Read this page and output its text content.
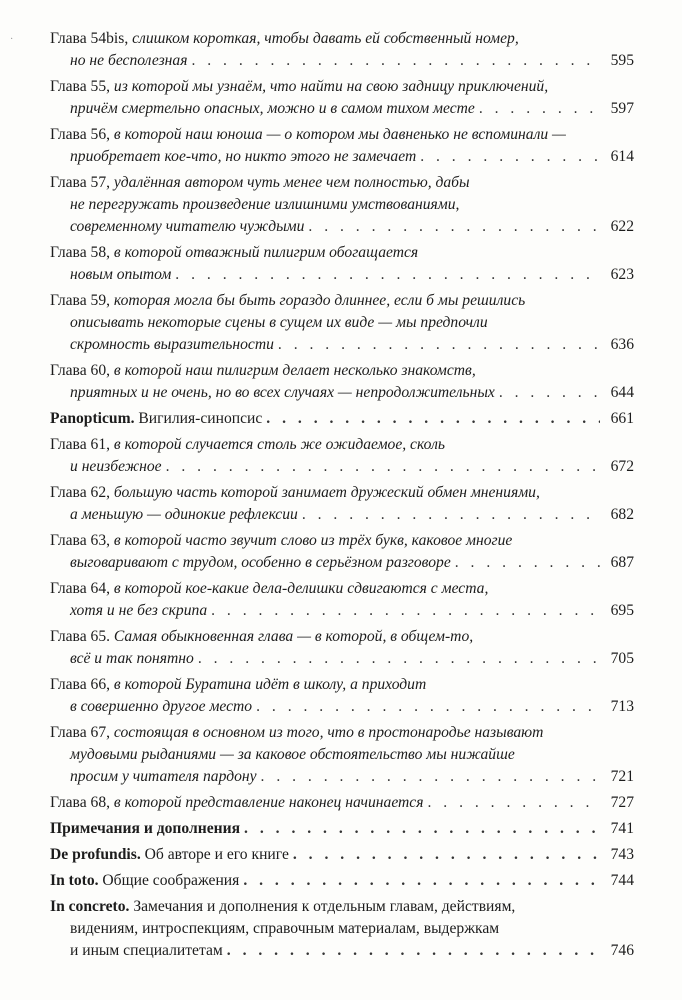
· Глава 54bis, слишком короткая, чтобы давать ей собственный номер,
но не бесполезная . . .	595
Глава 55, из которой мы узнаём, что найти на свою задницу приключений,
причём смертельно опасных, можно и в самом тихом месте . . .	597
Глава 56, в которой наш юноша — о котором мы давненько не вспоминали —
приобретает кое-что, но никто этого не замечает . . .	614
Глава 57, удалённая автором чуть менее чем полностью, дабы
не перегружать произведение излишними умствованиями,
современному читателю чуждыми . . .	622
Глава 58, в которой отважный пилигрим обогащается
новым опытом . . .	623
Глава 59, которая могла бы быть гораздо длиннее, если б мы решились
описывать некоторые сцены в сущем их виде — мы предпочли
скромность выразительности . . .	636
Глава 60, в которой наш пилигрим делает несколько знакомств,
приятных и не очень, но во всех случаях — непродолжительных . . .	644
Panopticum. Вигилия-синопсис . . .	661
Глава 61, в которой случается столь же ожидаемое, сколь
и неизбежное . . .	672
Глава 62, большую часть которой занимает дружеский обмен мнениями,
а меньшую — одинокие рефлексии . . .	682
Глава 63, в которой часто звучит слово из трёх букв, каковое многие
выговаривают с трудом, особенно в серьёзном разговоре . . .	687
Глава 64, в которой кое-какие дела-делишки сдвигаются с места,
хотя и не без скрипа . . .	695
Глава 65. Самая обыкновенная глава — в которой, в общем-то,
всё и так понятно . . .	705
Глава 66, в которой Буратина идёт в школу, а приходит
в совершенно другое место . . .	713
Глава 67, состоящая в основном из того, что в простонародье называют
мудовыми рыданиями — за каковое обстоятельство мы нижайше
просим у читателя пардону . . .	721
Глава 68, в которой представление наконец начинается . . .	727
Примечания и дополнения . . .	741
De profundis. Об авторе и его книге . . .	743
In toto. Общие соображения . . .	744
In concreto. Замечания и дополнения к отдельным главам, действиям,
видениям, интроспекциям, справочным материалам, выдержкам
и иным специалитетам . . .	746
